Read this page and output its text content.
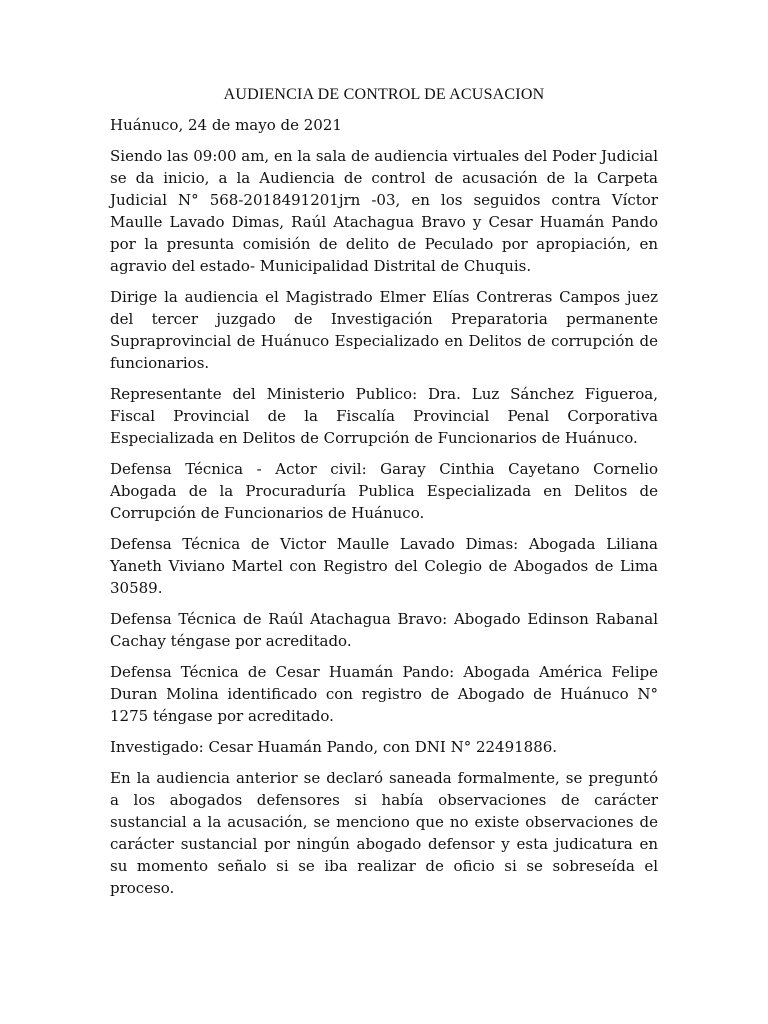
AUDIENCIA DE CONTROL DE ACUSACION
Huánuco, 24 de mayo de 2021

Siendo las 09:00 am, en la sala de audiencia virtuales del Poder Judicial se da inicio, a la Audiencia de control de acusación de la Carpeta Judicial N° 568-2018491201jrn -03, en los seguidos contra Víctor Maulle Lavado Dimas, Raúl Atachagua Bravo y Cesar Huamán Pando por la presunta comisión de delito de Peculado por apropiación, en agravio del estado- Municipalidad Distrital de Chuquis.

Dirige la audiencia el Magistrado Elmer Elías Contreras Campos juez del tercer juzgado de Investigación Preparatoria permanente Supraprovincial de Huánuco Especializado en Delitos de corrupción de funcionarios.

Representante del Ministerio Publico: Dra. Luz Sánchez Figueroa, Fiscal Provincial de la Fiscalía Provincial Penal Corporativa Especializada en Delitos de Corrupción de Funcionarios de Huánuco.

Defensa Técnica - Actor civil: Garay Cinthia Cayetano Cornelio Abogada de la Procuraduría Publica Especializada en Delitos de Corrupción de Funcionarios de Huánuco.

Defensa Técnica de Victor Maulle Lavado Dimas: Abogada Liliana Yaneth Viviano Martel con Registro del Colegio de Abogados de Lima 30589.

Defensa Técnica de Raúl Atachagua Bravo: Abogado Edinson Rabanal Cachay téngase por acreditado.

Defensa Técnica de Cesar Huamán Pando: Abogada América Felipe Duran Molina identificado con registro de Abogado de Huánuco N° 1275 téngase por acreditado.

Investigado: Cesar Huamán Pando, con DNI N° 22491886.

En la audiencia anterior se declaró saneada formalmente, se preguntó a los abogados defensores si había observaciones de carácter sustancial a la acusación, se menciono que no existe observaciones de carácter sustancial por ningún abogado defensor y esta judicatura en su momento señalo si se iba realizar de oficio si se sobreseída el proceso.
